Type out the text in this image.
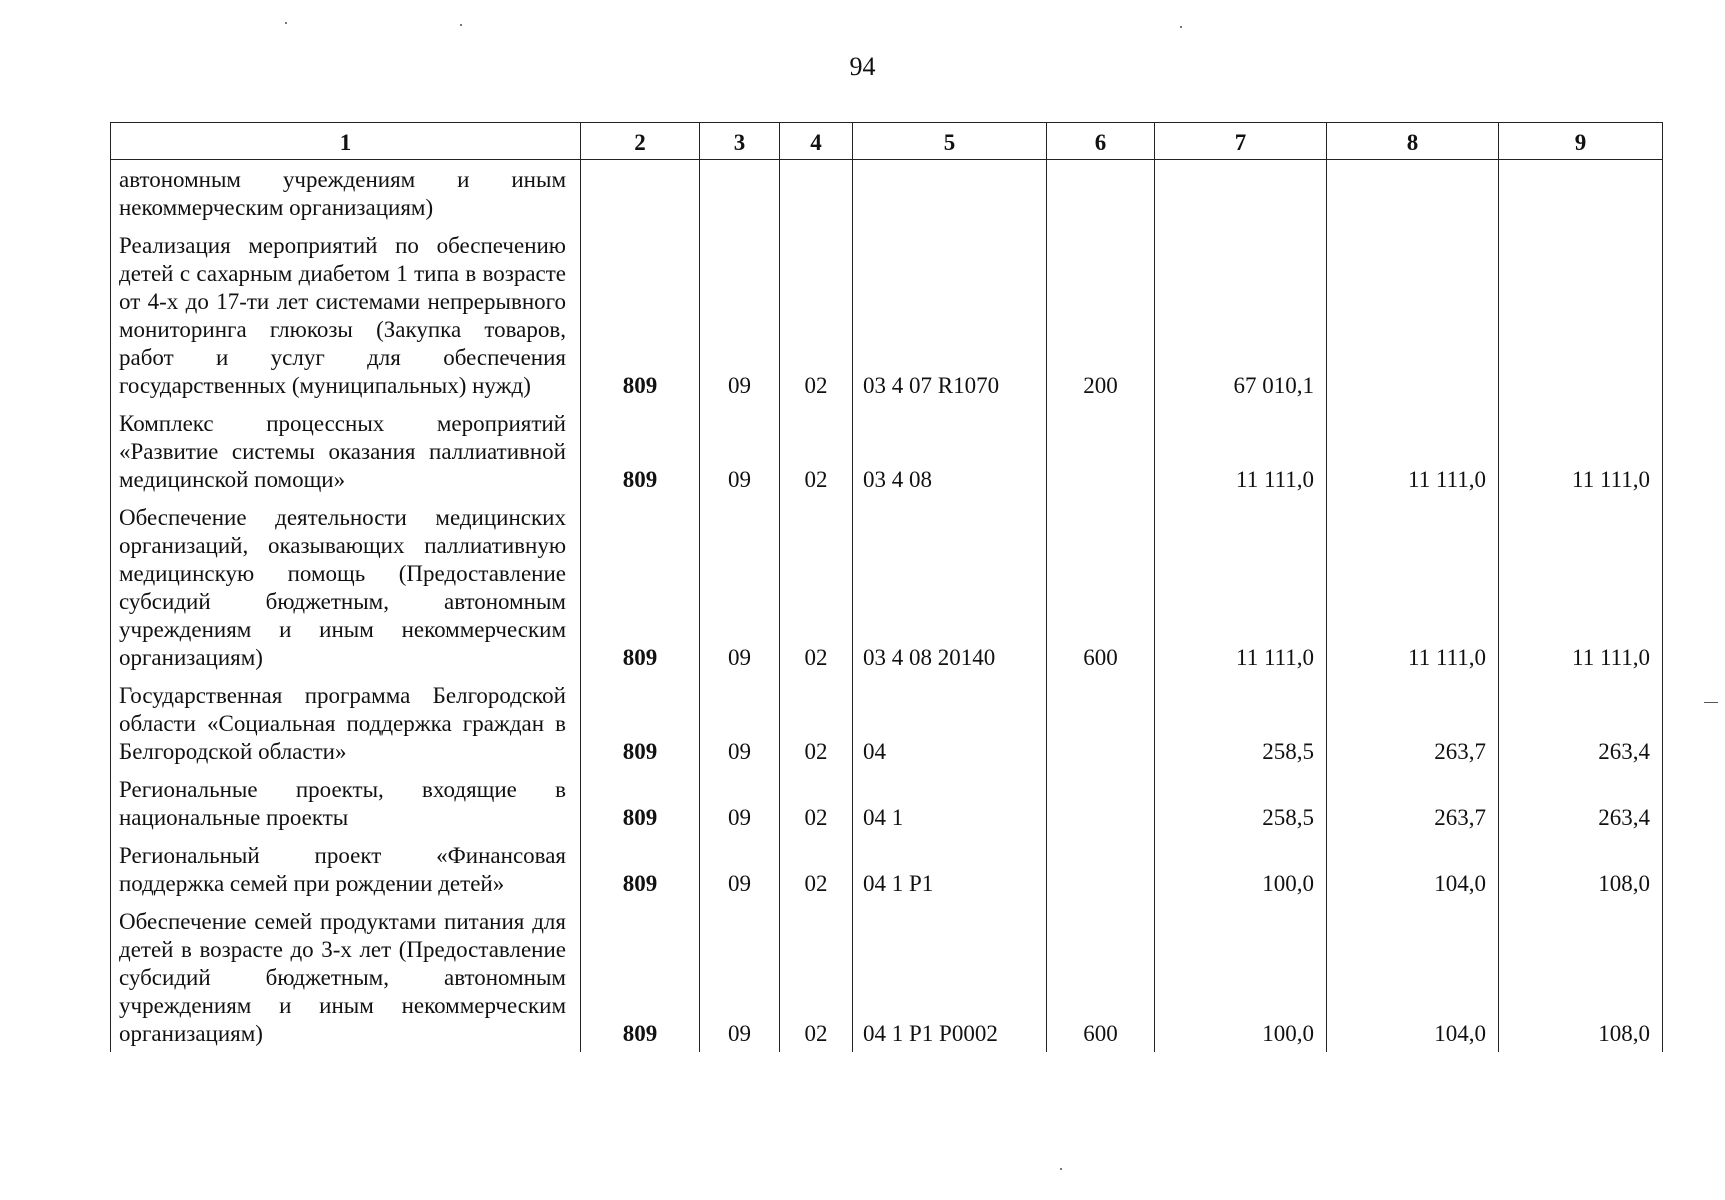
94
1	2	3	4	5	6	7	8	9
автономным учреждениям и иным некоммерческим организациям)								
Реализация мероприятий по обеспечению детей с сахарным диабетом 1 типа в возрасте от 4-х до 17-ти лет системами непрерывного мониторинга глюкозы (Закупка товаров, работ и услуг для обеспечения государственных (муниципальных) нужд)	809	09	02	03 4 07 R1070	200	67 010,1		
Комплекс процессных мероприятий «Развитие системы оказания паллиативной медицинской помощи»	809	09	02	03 4 08		11 111,0	11 111,0	11 111,0
Обеспечение деятельности медицинских организаций, оказывающих паллиативную медицинскую помощь (Предоставление субсидий бюджетным, автономным учреждениям и иным некоммерческим организациям)	809	09	02	03 4 08 20140	600	11 111,0	11 111,0	11 111,0
Государственная программа Белгородской области «Социальная поддержка граждан в Белгородской области»	809	09	02	04		258,5	263,7	263,4
Региональные проекты, входящие в национальные проекты	809	09	02	04 1		258,5	263,7	263,4
Региональный проект «Финансовая поддержка семей при рождении детей»	809	09	02	04 1 P1		100,0	104,0	108,0
Обеспечение семей продуктами питания для детей в возрасте до 3-х лет (Предоставление субсидий бюджетным, автономным учреждениям и иным некоммерческим организациям)	809	09	02	04 1 P1 P0002	600	100,0	104,0	108,0
